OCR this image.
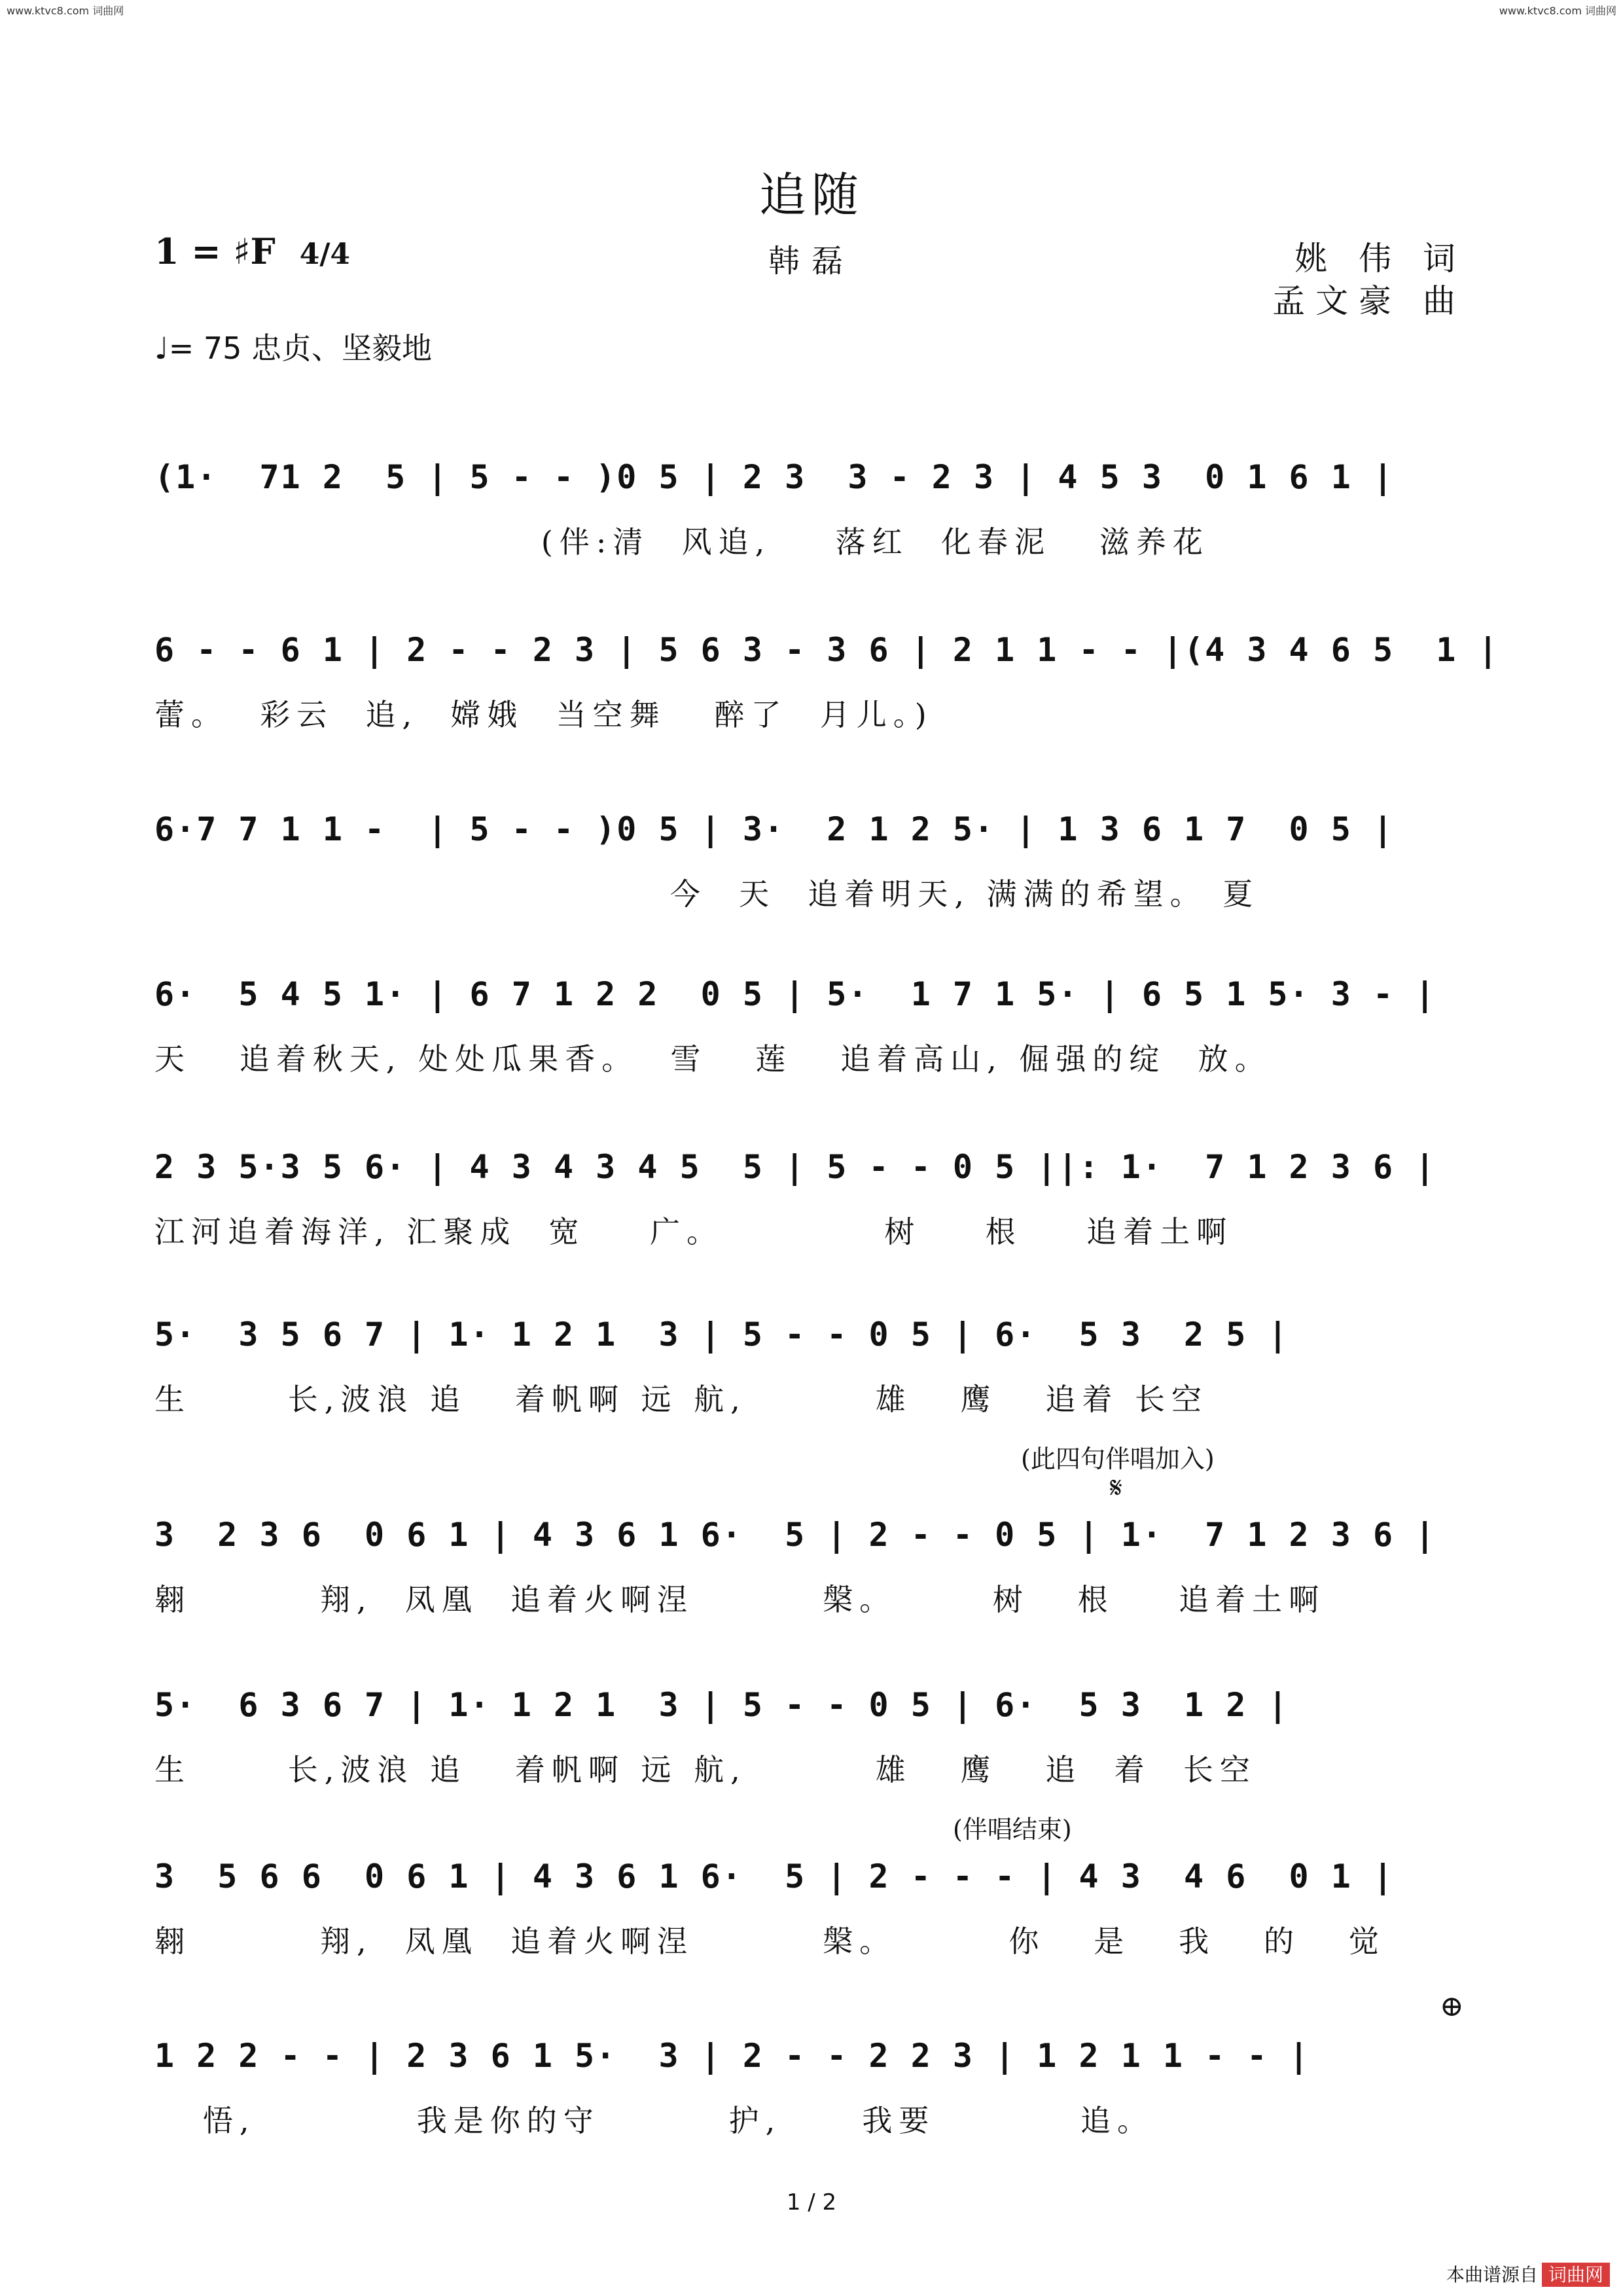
www.ktvc8.com 词曲网	www.ktvc8.com 词曲网
追随
韩磊	姚 伟 词
孟文豪 曲
1 = ♯F 4/4
♩= 75 忠贞、坚毅地
(1·  71 2  5 | 5 - - )0 5 | 2 3  3 - 2 3 | 4 5 3  0 1 6 1 |
(伴:清  风追,    落红  化春泥   滋养花
6 - - 6 1 | 2 - - 2 3 | 5 6 3 - 3 6 | 2 1 1 - - |(4 3 4 6 5  1 |
蕾。  彩云  追,  嫦娥  当空舞   醉了  月儿。)
6·7 7 1 1 -  | 5 - - )0 5 | 3·  2 1 2 5· | 1 3 6 1 7  0 5 |
今  天  追着明天, 满满的希望。 夏
6·  5 4 5 1· | 6 7 1 2 2  0 5 | 5·  1 7 1 5· | 6 5 1 5· 3 - |
天   追着秋天, 处处瓜果香。  雪   莲   追着高山, 倔强的绽  放。
2 3 5·3 5 6· | 4 3 4 3 4 5  5 | 5 - - 0 5 ||: 1·  7 1 2 3 6 |
江河追着海洋, 汇聚成  宽    广。          树    根    追着土啊
5·  3 5 6 7 | 1· 1 2 1  3 | 5 - - 0 5 | 6·  5 3  2 5 |
生      长,波浪 追   着帆啊 远 航,        雄   鹰   追着 长空
(此四句伴唱加入)
𝄋
3  2 3 6  0 6 1 | 4 3 6 1 6·  5 | 2 - - 0 5 | 1·  7 1 2 3 6 |
翱        翔,  凤凰  追着火啊涅        槃。      树   根    追着土啊
5·  6 3 6 7 | 1· 1 2 1  3 | 5 - - 0 5 | 6·  5 3  1 2 |
生      长,波浪 追   着帆啊 远 航,        雄   鹰   追  着  长空
(伴唱结束)
3  5 6 6  0 6 1 | 4 3 6 1 6·  5 | 2 - - - | 4 3  4 6  0 1 |
翱        翔,  凤凰  追着火啊涅        槃。       你   是   我   的   觉
⊕
1 2 2 - - | 2 3 6 1 5·  3 | 2 - - 2 2 3 | 1 2 1 1 - - |
悟,          我是你的守        护,     我要         追。
1 / 2
本曲谱源自 词曲网
